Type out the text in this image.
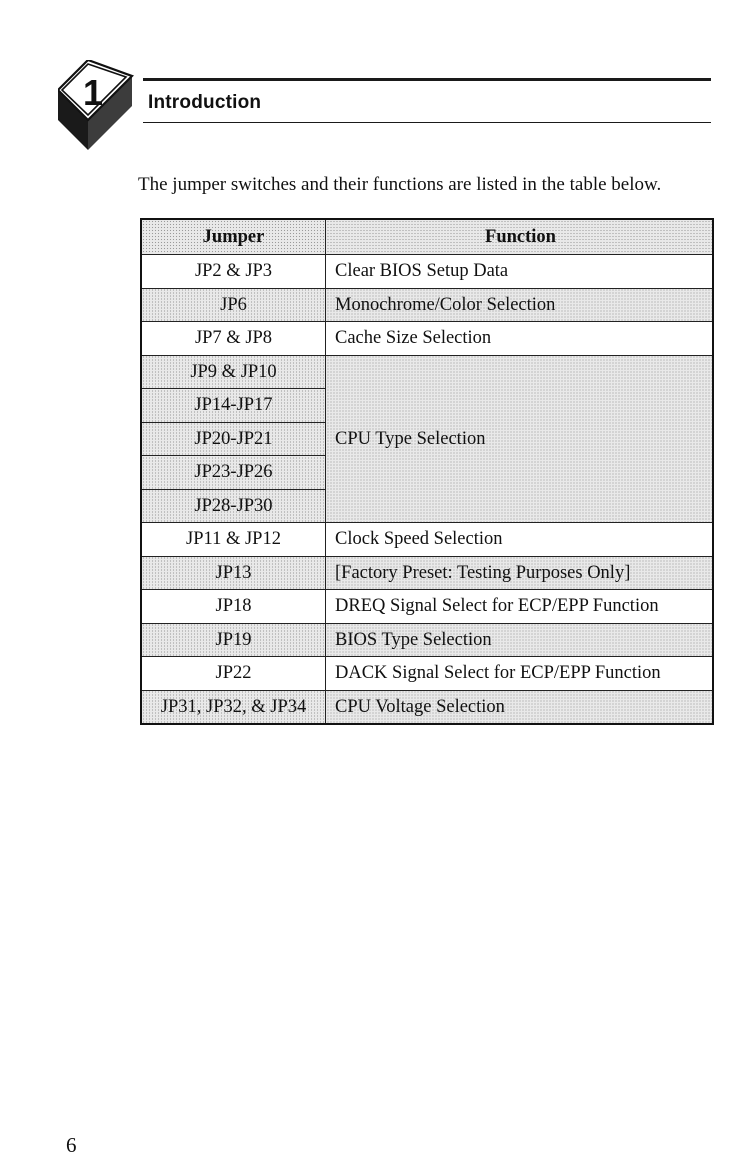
1 Introduction
The jumper switches and their functions are listed in the table below.
Jumper	Function
JP2 & JP3	Clear BIOS Setup Data
JP6	Monochrome/Color Selection
JP7 & JP8	Cache Size Selection
JP9 & JP10	CPU Type Selection
JP14-JP17	
JP20-JP21	
JP23-JP26	
JP28-JP30	
JP11 & JP12	Clock Speed Selection
JP13	[Factory Preset: Testing Purposes Only]
JP18	DREQ Signal Select for ECP/EPP Function
JP19	BIOS Type Selection
JP22	DACK Signal Select for ECP/EPP Function
JP31, JP32, & JP34	CPU Voltage Selection
6
